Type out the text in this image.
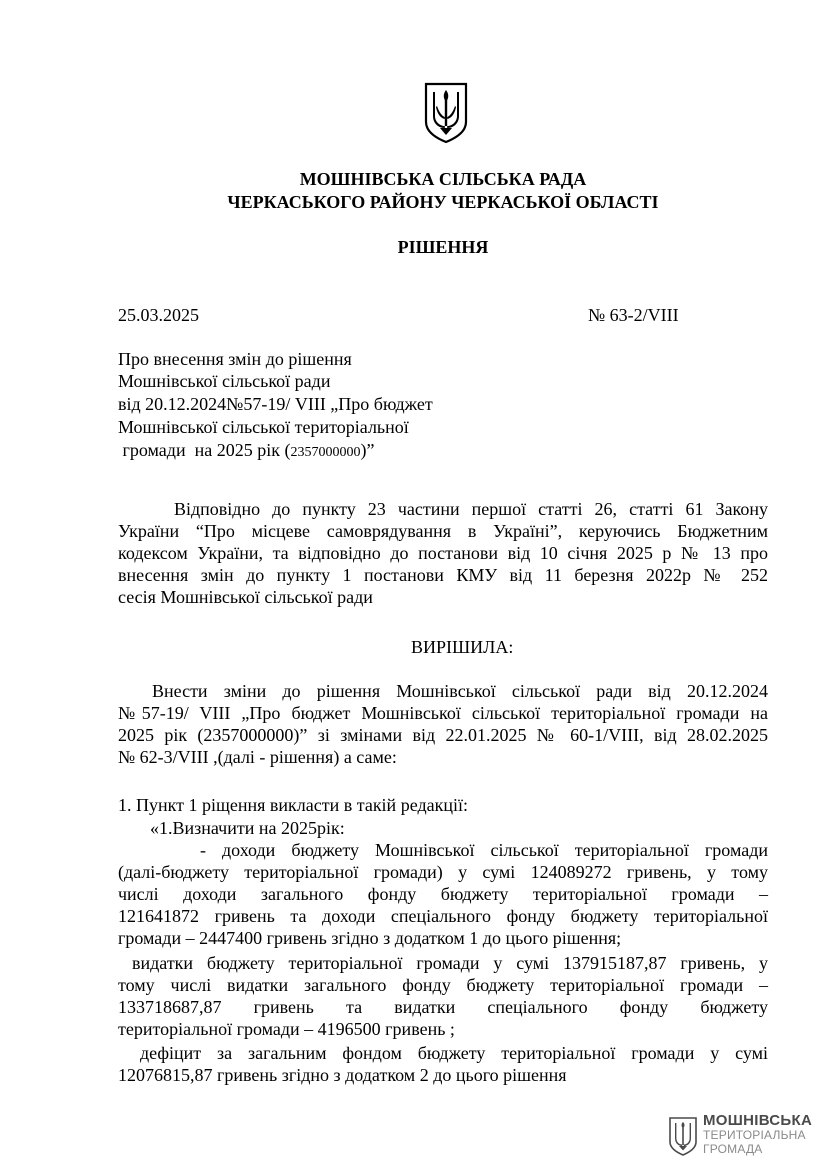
МОШНІВСЬКА СІЛЬСЬКА РАДА
ЧЕРКАСЬКОГО РАЙОНУ ЧЕРКАСЬКОЇ ОБЛАСТІ
РІШЕННЯ
25.03.2025	№ 63-2/VIII
Про внесення змін до рішення
Мошнівської сільської ради
від 20.12.2024№57-19/ VIII „Про бюджет
Мошнівської сільської територіальної
громади  на 2025 рік (2357000000)”
Відповідно до пункту 23 частини першої статті 26, статті 61 Закону
України “Про місцеве самоврядування в Україні”, керуючись Бюджетним
кодексом України, та відповідно до постанови від 10 січня 2025 р № 13 про
внесення змін до пункту 1 постанови КМУ від 11 березня 2022р № 252
сесія Мошнівської сільської ради
ВИРІШИЛА:
Внести зміни до рішення Мошнівської сільської ради від 20.12.2024
№57-19/ VIII „Про бюджет Мошнівської сільської територіальної громади на
2025 рік (2357000000)” зі змінами від 22.01.2025 № 60-1/VIII, від 28.02.2025
№ 62-3/VIII ,(далі - рішення) а саме:
1. Пункт 1 ріщення викласти в такій редакції:
«1.Визначити на 2025рік:
- доходи бюджету Мошнівської сільської територіальної громади
(далі-бюджету територіальної громади) у сумі 124089272 гривень, у тому
числі доходи загального фонду бюджету територіальної громади –
121641872 гривень та доходи спеціального фонду бюджету територіальної
громади – 2447400 гривень згідно з додатком 1 до цього рішення;
видатки бюджету територіальної громади у сумі 137915187,87 гривень, у
тому числі видатки загального фонду бюджету територіальної громади –
133718687,87 гривень та видатки спеціального фонду бюджету
територіальної громади – 4196500 гривень ;
дефіцит за загальним фондом бюджету територіальної громади у сумі
12076815,87 гривень згідно з додатком 2 до цього рішення
МОШНІВСЬКА
ТЕРИТОРІАЛЬНА
ГРОМАДА
